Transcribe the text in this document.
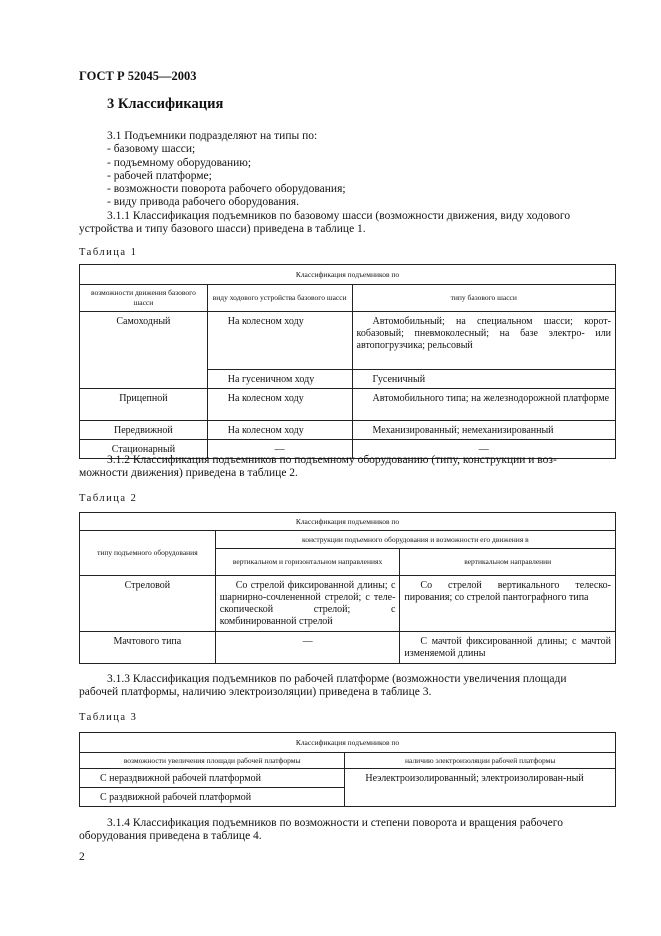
ГОСТ Р 52045—2003
3 Классификация
3.1 Подъемники подразделяют на типы по:
- базовому шасси;
- подъемному оборудованию;
- рабочей платформе;
- возможности поворота рабочего оборудования;
- виду привода рабочего оборудования.
3.1.1 Классификация подъемников по базовому шасси (возможности движения, виду ходового
устройства и типу базового шасси) приведена в таблице 1.
Таблица 1
Классификация подъемников по		
возможности движения базового шасси	виду ходового устройства базового шасси	типу базового шасси
Самоходный	На колесном ходу	Автомобильный; на специальном шасси; корот-кобазовый; пневмоколесный; на базе электро- или автопогрузчика; рельсовый
	На гусеничном ходу	Гусеничный
Прицепной	На колесном ходу	Автомобильного типа; на железнодорожной платформе
Передвижной	На колесном ходу	Механизированный; немеханизированный
Стационарный	—	—
3.1.2 Классификация подъемников по подъемному оборудованию (типу, конструкции и воз-
можности движения) приведена в таблице 2.
Таблица 2
Классификация подъемников по		
типу подъемного оборудования	конструкции подъемного оборудования и возможности его движения в	
	вертикальном и горизонтальном направлениях	вертикальном направлении
Стреловой	Со стрелой фиксированной длины; с шарнирно-сочлененной стрелой; с теле-скопической стрелой; с комбинированной стрелой	Со стрелой вертикального телеско-пирования; со стрелой пантографного типа
Мачтового типа	—	С мачтой фиксированной длины; с мачтой изменяемой длины
3.1.3 Классификация подъемников по рабочей платформе (возможности увеличения площади
рабочей платформы, наличию электроизоляции) приведена в таблице 3.
Таблица 3
Классификация подъемников по	
возможности увеличения площади рабочей платформы	наличию электроизоляции рабочей платформы
С нераздвижной рабочей платформой	Неэлектроизолированный; электроизолирован-ный
С раздвижной рабочей платформой	
3.1.4 Классификация подъемников по возможности и степени поворота и вращения рабочего
оборудования приведена в таблице 4.
2
